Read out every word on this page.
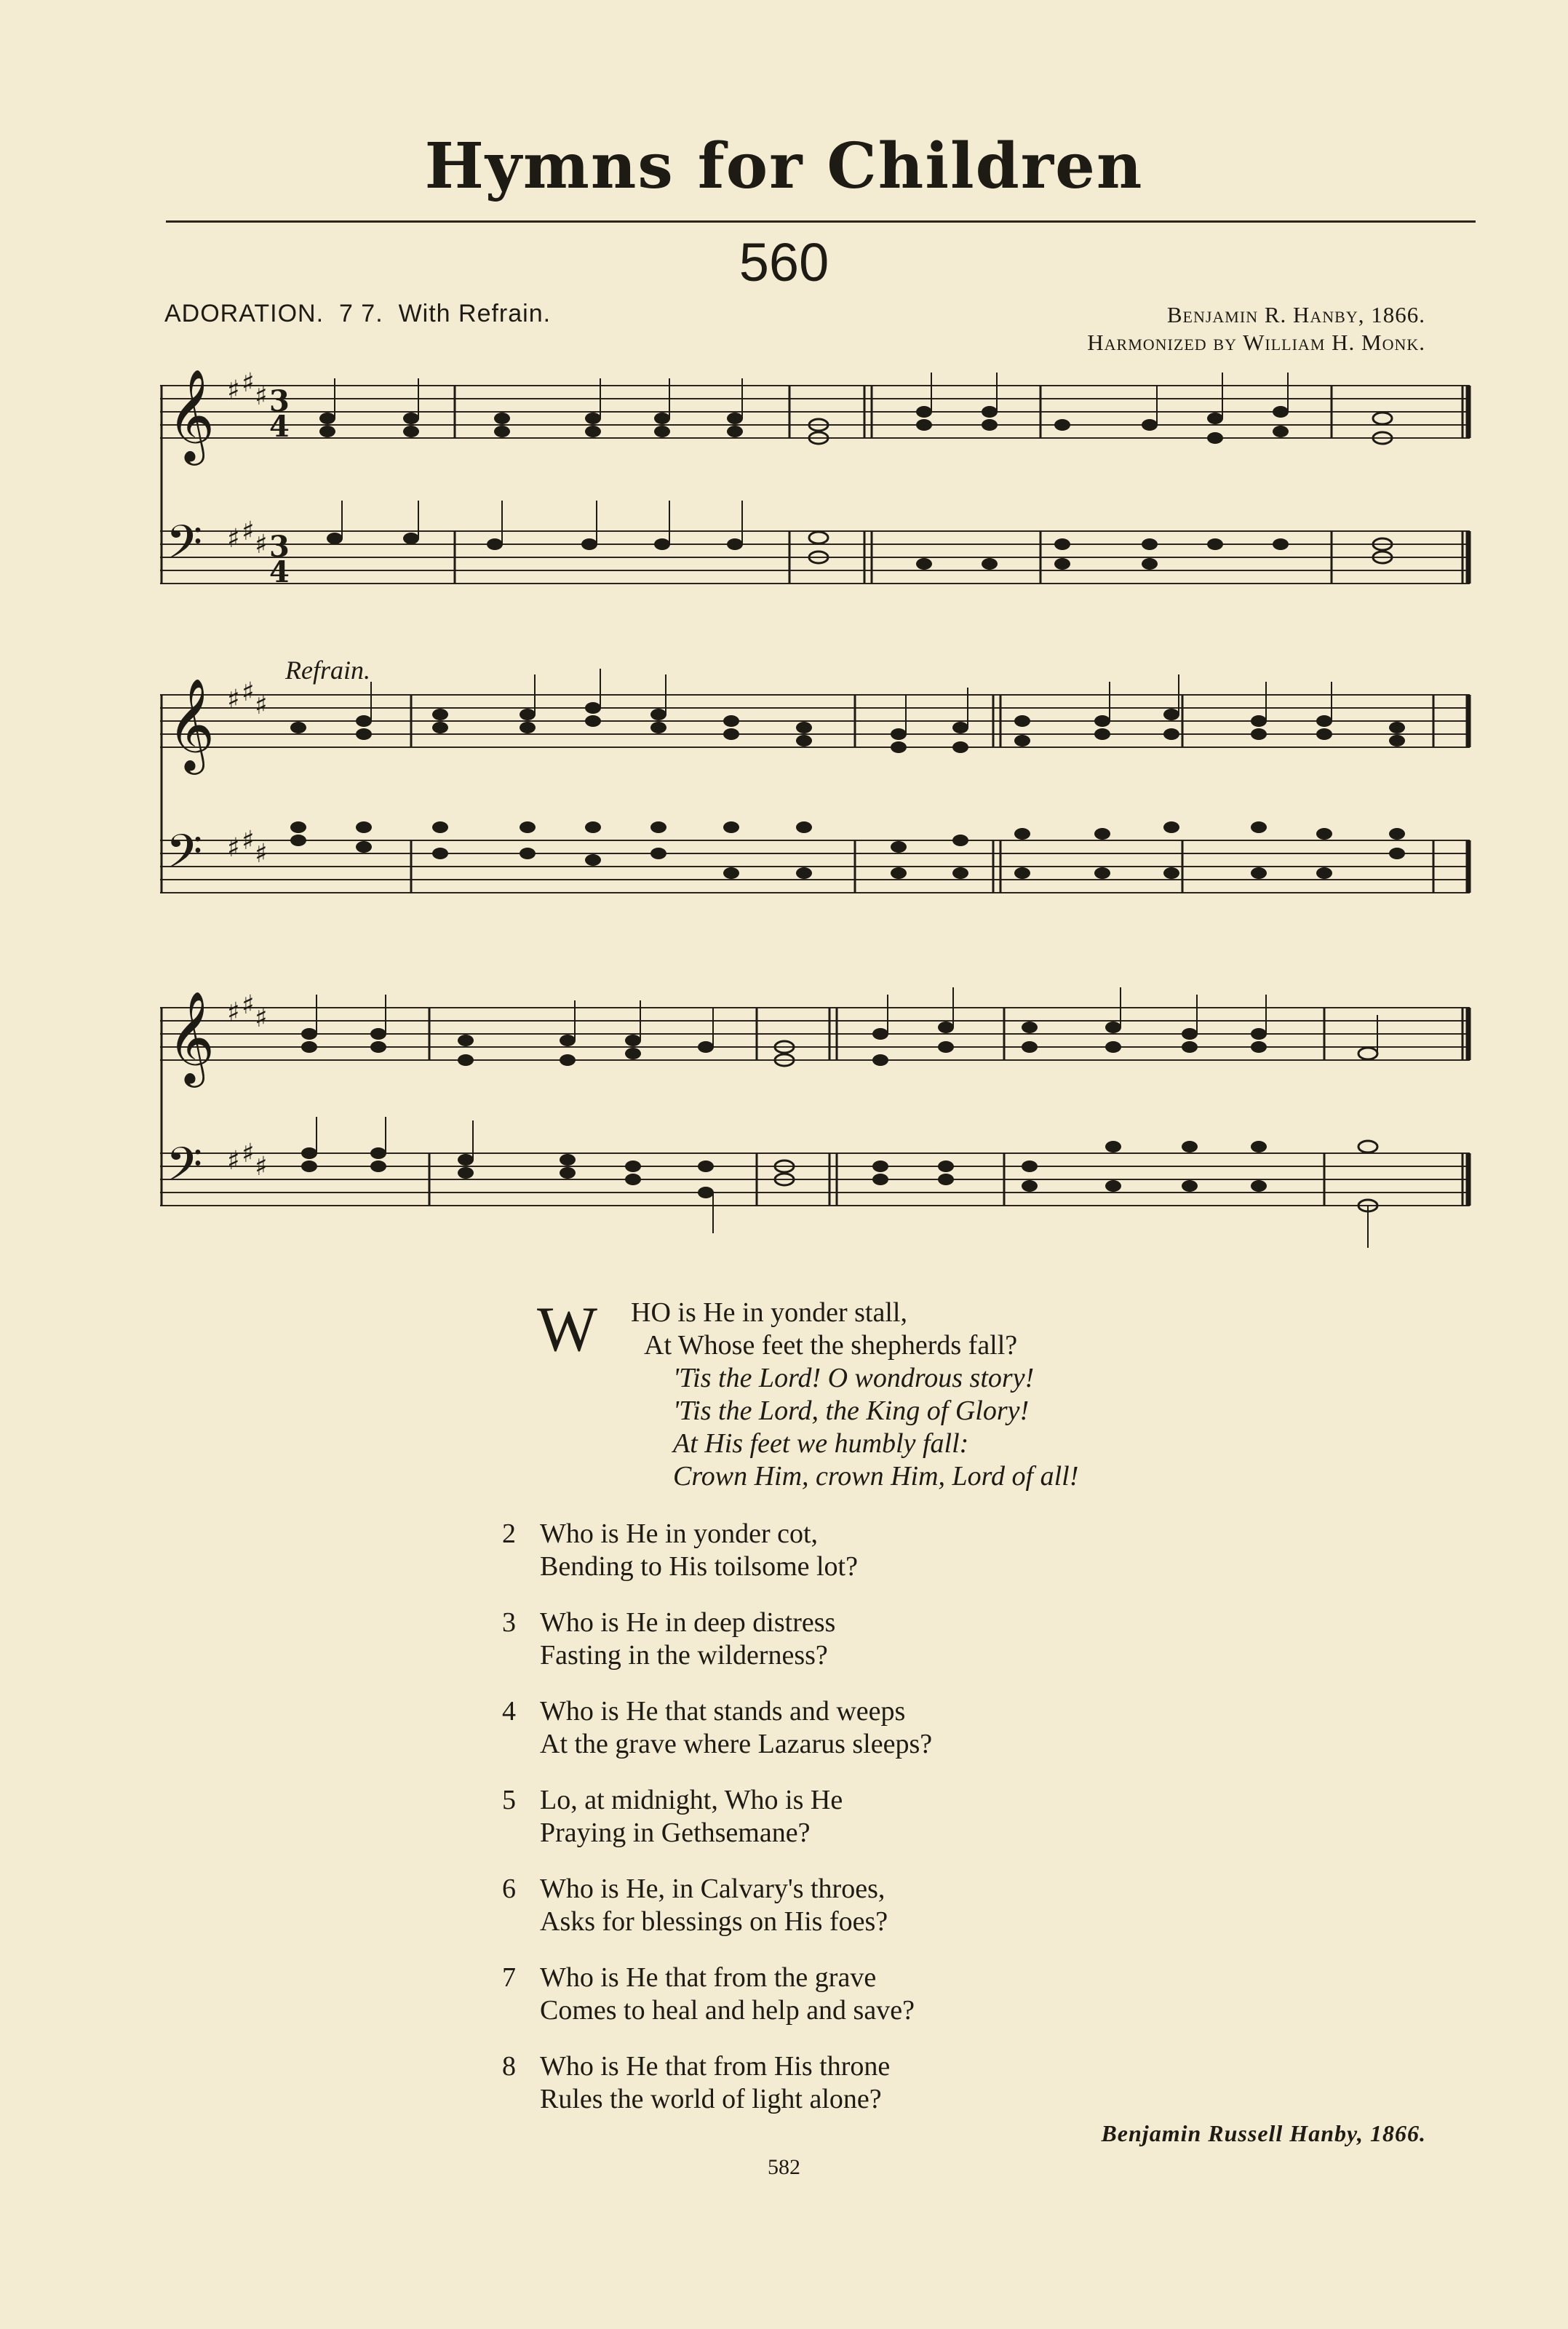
Hymns for Children
560
ADORATION. 7 7. With Refrain.	Benjamin R. Hanby, 1866.
Harmonized by William H. Monk.
𝄞
𝄢
♯ ♯ ♯
♯ ♯ ♯
3
4
3
4
Refrain.
𝄞
𝄢
♯ ♯ ♯
♯ ♯ ♯
𝄞
𝄢
♯ ♯ ♯
♯ ♯ ♯
W	HO is He in yonder stall,
At Whose feet the shepherds fall?
'Tis the Lord! O wondrous story!
'Tis the Lord, the King of Glory!
At His feet we humbly fall:
Crown Him, crown Him, Lord of all!
2 Who is He in yonder cot,
Bending to His toilsome lot?
3 Who is He in deep distress
Fasting in the wilderness?
4 Who is He that stands and weeps
At the grave where Lazarus sleeps?
5 Lo, at midnight, Who is He
Praying in Gethsemane?
6 Who is He, in Calvary's throes,
Asks for blessings on His foes?
7 Who is He that from the grave
Comes to heal and help and save?
8 Who is He that from His throne
Rules the world of light alone?
Benjamin Russell Hanby, 1866.
582
